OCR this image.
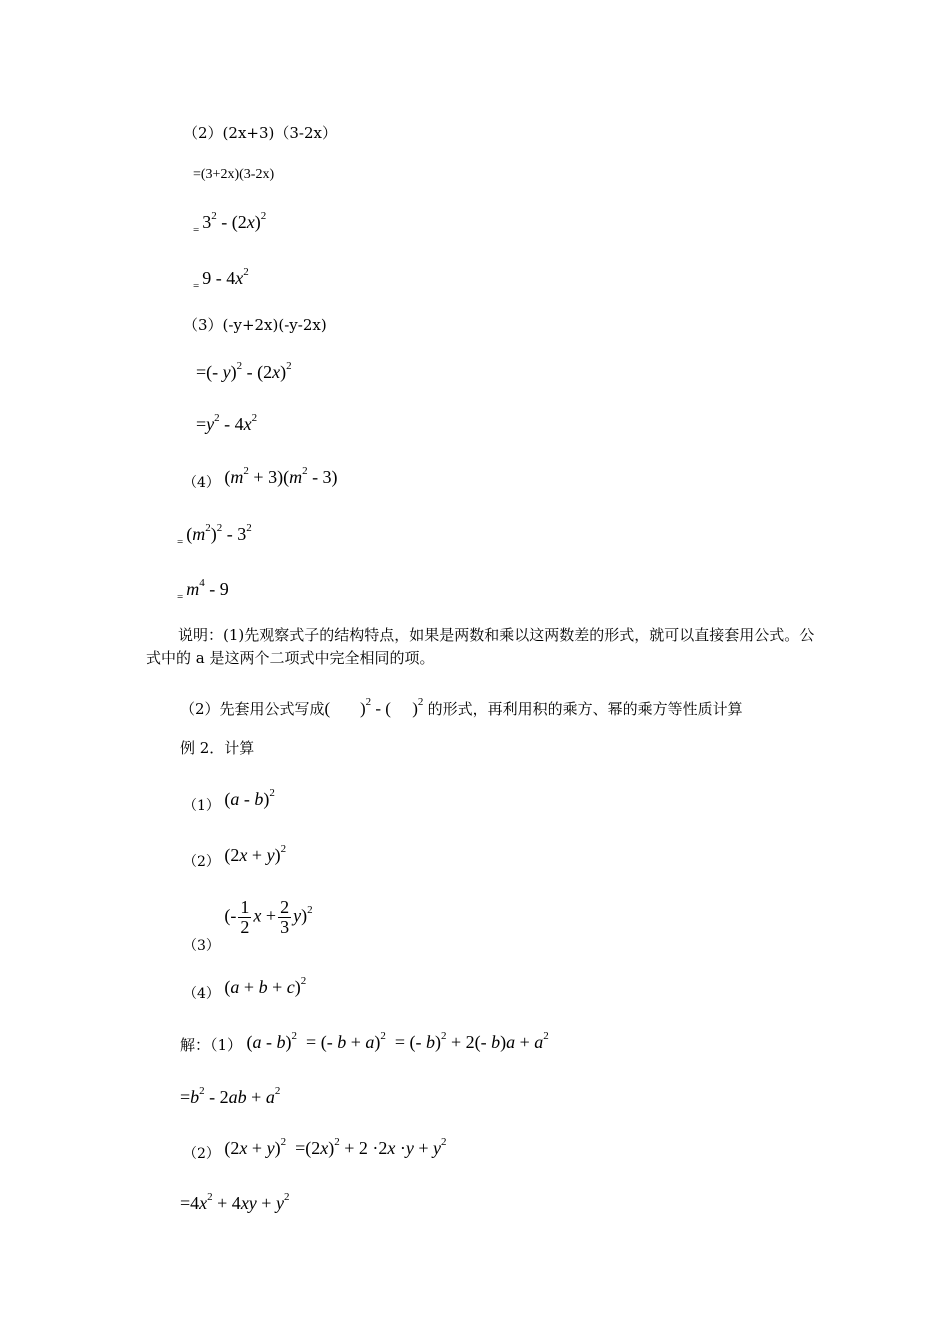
（2）(2x+3)（3-2x）
=(3+2x)(3-2x)
$_=$ $3^2 - (2x)^2$
$_=$ $9 - 4x^2$
（3）(-y+2x)(-y-2x)
=(- $y)^2 - (2x)^2$
$=y^2 - 4x^2$
$_{(4)}$ $(m^2 + 3)(m^2 - 3)$
$_=$ $(m^2)^2 - 3^2$
$_=$ $m^4 - 9$
说明：(1)先观察式子的结构特点，如果是两数和乘以这两数差的形式，就可以直接套用公式。公式中的 a 是这两个二项式中完全相同的项。
（2）先套用公式写成(       )$^2$ - (     )$^2$ 的形式，再利用积的乘方、幂的乘方等性质计算
例 2．计算
$_{(1)}$ (a - b)$^2$
$_{(2)}$ $(2x + y)^2$
$_{(3)}$ (- $\frac{1}{2}$ $x + \frac{2}{3} y)^2$
$_{(4)}$ $(a + b + c)^2$
解：（1） (a - b)$^2$  = (- b + a)$^2$  = (- b)$^2$ + 2(- $b)a + a^2$
$=b^2 - 2ab + a^2$
$_{(2)}$ $(2x + y)^2 =(2x)^2 + 2 \cdot 2x \cdot y + y^2$
$=4x^2 + 4xy + y^2$
